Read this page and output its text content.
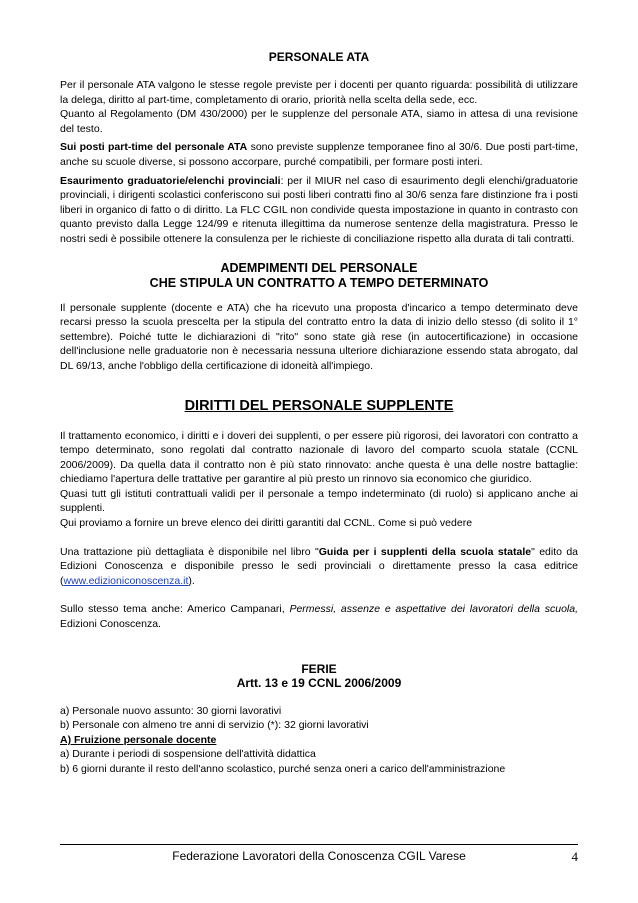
PERSONALE ATA

Per il personale ATA valgono le stesse regole previste per i docenti per quanto riguarda: possibilità di utilizzare la delega, diritto al part-time, completamento di orario, priorità nella scelta della sede, ecc.

Quanto al Regolamento (DM 430/2000) per le supplenze del personale ATA, siamo in attesa di una revisione del testo.

Sui posti part-time del personale ATA sono previste supplenze temporanee fino al 30/6. Due posti part-time, anche su scuole diverse, si possono accorpare, purché compatibili, per formare posti interi.

Esaurimento graduatorie/elenchi provinciali: per il MIUR nel caso di esaurimento degli elenchi/graduatorie provinciali, i dirigenti scolastici conferiscono sui posti liberi contratti fino al 30/6 senza fare distinzione fra i posti liberi in organico di fatto o di diritto. La FLC CGIL non condivide questa impostazione in quanto in contrasto con quanto previsto dalla Legge 124/99 e ritenuta illegittima da numerose sentenze della magistratura. Presso le nostri sedi è possibile ottenere la consulenza per le richieste di conciliazione rispetto alla durata di tali contratti.

ADEMPIMENTI DEL PERSONALE
CHE STIPULA UN CONTRATTO A TEMPO DETERMINATO

Il personale supplente (docente e ATA) che ha ricevuto una proposta d'incarico a tempo determinato deve recarsi presso la scuola prescelta per la stipula del contratto entro la data di inizio dello stesso (di solito il 1° settembre). Poiché tutte le dichiarazioni di "rito" sono state già rese (in autocertificazione) in occasione dell'inclusione nelle graduatorie non è necessaria nessuna ulteriore dichiarazione essendo stata abrogato, dal DL 69/13, anche l'obbligo della certificazione di idoneità all'impiego.

DIRITTI DEL PERSONALE SUPPLENTE

Il trattamento economico, i diritti e i doveri dei supplenti, o per essere più rigorosi, dei lavoratori con contratto a tempo determinato, sono regolati dal contratto nazionale di lavoro del comparto scuola statale (CCNL 2006/2009). Da quella data il contratto non è più stato rinnovato: anche questa è una delle nostre battaglie: chiediamo l'apertura delle trattative per garantire al più presto un rinnovo sia economico che giuridico.

Quasi tutt gli istituti contrattuali validi per il personale a tempo indeterminato (di ruolo) si applicano anche ai supplenti.

Qui proviamo a fornire un breve elenco dei diritti garantiti dal CCNL. Come si può vedere

Una trattazione più dettagliata è disponibile nel libro "Guida per i supplenti della scuola statale" edito da Edizioni Conoscenza e disponibile presso le sedi provinciali o direttamente presso la casa editrice (www.edizioniconoscenza.it).

Sullo stesso tema anche: Americo Campanari, Permessi, assenze e aspettative dei lavoratori della scuola, Edizioni Conoscenza.

FERIE
Artt. 13 e 19 CCNL 2006/2009

a) Personale nuovo assunto: 30 giorni lavorativi

b) Personale con almeno tre anni di servizio (*): 32 giorni lavorativi

A) Fruizione personale docente

a) Durante i periodi di sospensione dell'attività didattica

b) 6 giorni durante il resto dell'anno scolastico, purché senza oneri a carico dell'amministrazione

Federazione Lavoratori della Conoscenza CGIL Varese	4
